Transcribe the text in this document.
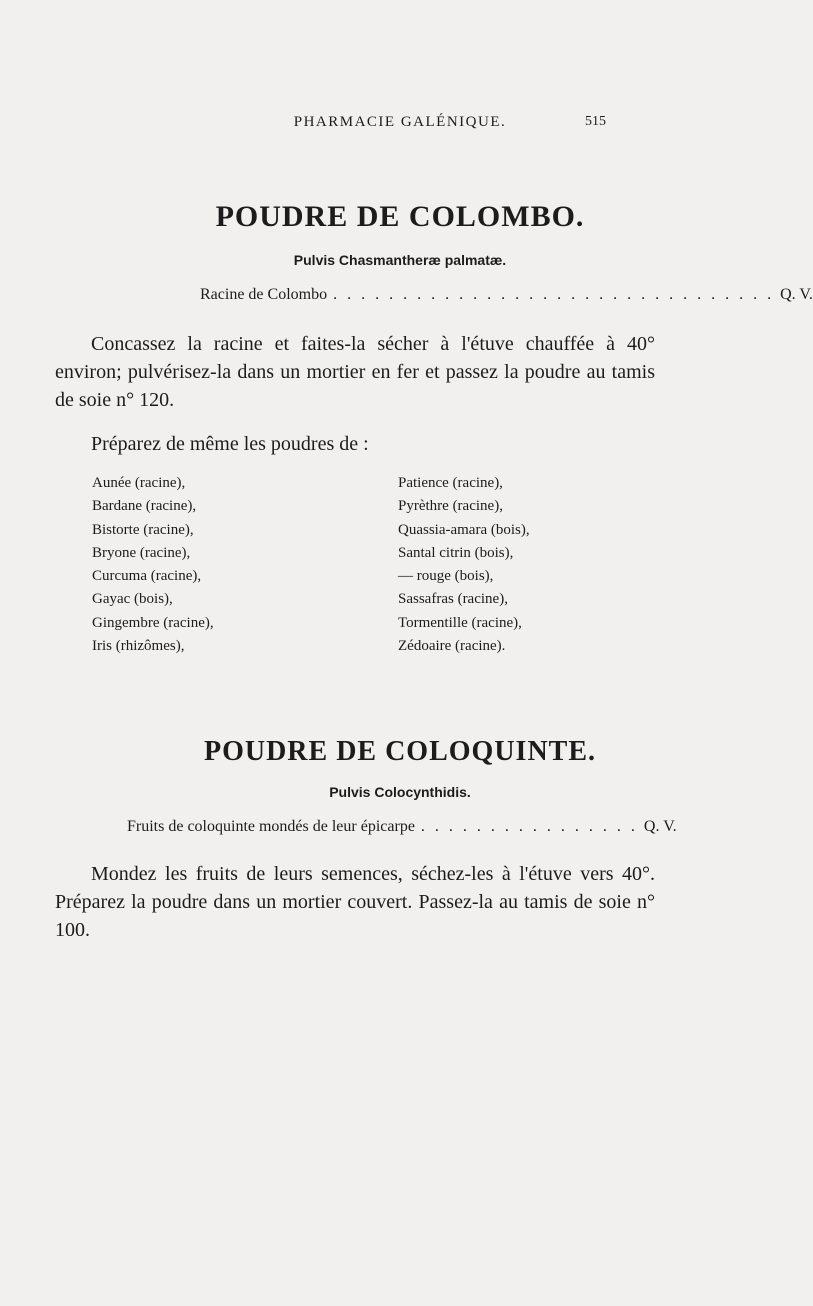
PHARMACIE GALÉNIQUE.	515
POUDRE DE COLOMBO.
Pulvis Chasmantheræ palmatæ.
Racine de Colombo . . . . . . . . . . . . . . . . . . . . . . . . . . . . . . . . Q. V.

Concassez la racine et faites-la sécher à l'étuve chauffée à 40° environ; pulvérisez-la dans un mortier en fer et passez la poudre au tamis de soie n° 120.

Préparez de même les poudres de :

Aunée (racine),
Bardane (racine),
Bistorte (racine),
Bryone (racine),
Curcuma (racine),
Gayac (bois),
Gingembre (racine),
Iris (rhizômes),
Patience (racine),
Pyrèthre (racine),
Quassia-amara (bois),
Santal citrin (bois),
— rouge (bois),
Sassafras (racine),
Tormentille (racine),
Zédoaire (racine).
POUDRE DE COLOQUINTE.
Pulvis Colocynthidis.
Fruits de coloquinte mondés de leur épicarpe . . . . . . . . . . . . . . . . Q. V.

Mondez les fruits de leurs semences, séchez-les à l'étuve vers 40°. Préparez la poudre dans un mortier couvert. Passez-la au tamis de soie n° 100.
